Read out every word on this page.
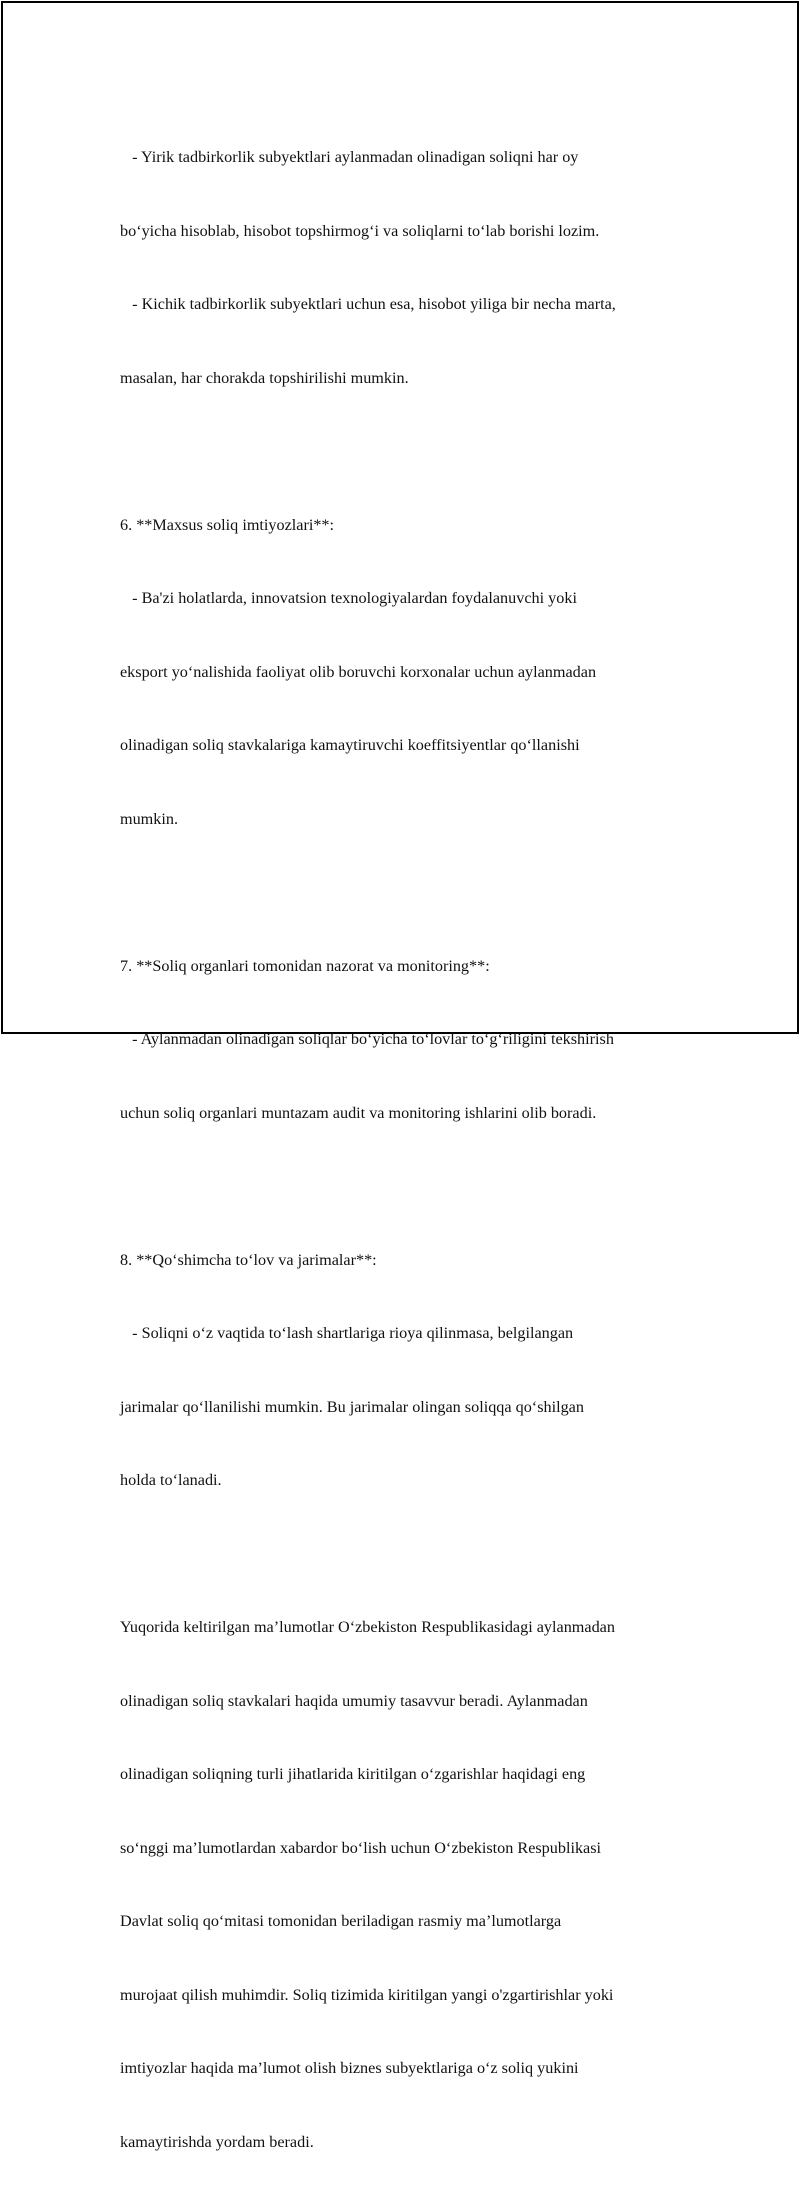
- Yirik tadbirkorlik subyektlari aylanmadan olinadigan soliqni har oy

bo‘yicha hisoblab, hisobot topshirmog‘i va soliqlarni to‘lab borishi lozim.

- Kichik tadbirkorlik subyektlari uchun esa, hisobot yiliga bir necha marta,

masalan, har chorakda topshirilishi mumkin.

6. **Maxsus soliq imtiyozlari**:

- Ba'zi holatlarda, innovatsion texnologiyalardan foydalanuvchi yoki

eksport yo‘nalishida faoliyat olib boruvchi korxonalar uchun aylanmadan

olinadigan soliq stavkalariga kamaytiruvchi koeffitsiyentlar qo‘llanishi

mumkin.

7. **Soliq organlari tomonidan nazorat va monitoring**:

- Aylanmadan olinadigan soliqlar bo‘yicha to‘lovlar to‘g‘riligini tekshirish

uchun soliq organlari muntazam audit va monitoring ishlarini olib boradi.

8. **Qo‘shimcha to‘lov va jarimalar**:

- Soliqni o‘z vaqtida to‘lash shartlariga rioya qilinmasa, belgilangan

jarimalar qo‘llanilishi mumkin. Bu jarimalar olingan soliqqa qo‘shilgan

holda to‘lanadi.

Yuqorida keltirilgan ma’lumotlar O‘zbekiston Respublikasidagi aylanmadan

olinadigan soliq stavkalari haqida umumiy tasavvur beradi. Aylanmadan

olinadigan soliqning turli jihatlarida kiritilgan o‘zgarishlar haqidagi eng

so‘nggi ma’lumotlardan xabardor bo‘lish uchun O‘zbekiston Respublikasi

Davlat soliq qo‘mitasi tomonidan beriladigan rasmiy ma’lumotlarga

murojaat qilish muhimdir. Soliq tizimida kiritilgan yangi o'zgartirishlar yoki

imtiyozlar haqida ma’lumot olish biznes subyektlariga o‘z soliq yukini

kamaytirishda yordam beradi.
